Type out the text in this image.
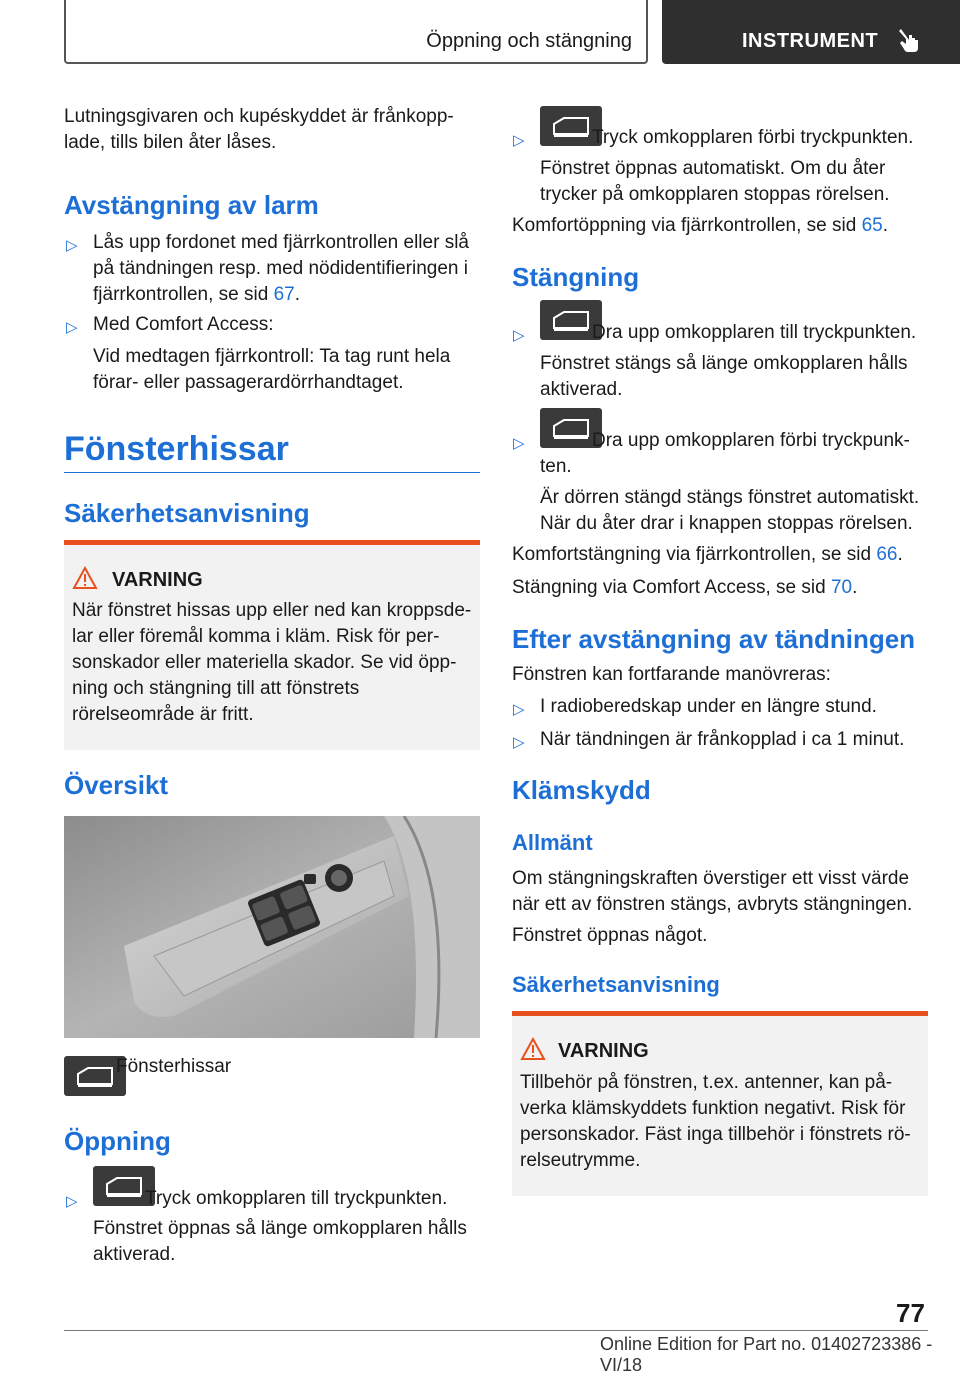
Öppning och stängning	INSTRUMENT

Lutningsgivaren och kupéskyddet är frånkopp-

lade, tills bilen åter låses.

Avstängning av larm
▷ Lås upp fordonet med fjärrkontrollen eller slå

på tändningen resp. med nödidentifieringen i

fjärrkontrollen, se sid 67.

▷ Med Comfort Access:

Vid medtagen fjärrkontroll: Ta tag runt hela

förar- eller passagerardörrhandtaget.

Fönsterhissar
Säkerhetsanvisning
VARNING

När fönstret hissas upp eller ned kan kroppsde-

lar eller föremål komma i kläm. Risk för per-

sonskador eller materiella skador. Se vid öpp-

ning och stängning till att fönstrets

rörelseområde är fritt.

Översikt
Fönsterhissar
Öppning
▷	Tryck omkopplaren till tryckpunkten.

Fönstret öppnas så länge omkopplaren hålls

aktiverad.

▷	Tryck omkopplaren förbi tryckpunkten.

Fönstret öppnas automatiskt. Om du åter

trycker på omkopplaren stoppas rörelsen.

Komfortöppning via fjärrkontrollen, se sid 65.

Stängning
▷	Dra upp omkopplaren till tryckpunkten.

Fönstret stängs så länge omkopplaren hålls

aktiverad.

▷	Dra upp omkopplaren förbi tryckpunk-

ten.

Är dörren stängd stängs fönstret automatiskt.

När du åter drar i knappen stoppas rörelsen.

Komfortstängning via fjärrkontrollen, se sid 66.

Stängning via Comfort Access, se sid 70.

Efter avstängning av tändningen

Fönstren kan fortfarande manövreras:

▷ I radioberedskap under en längre stund.

▷ När tändningen är frånkopplad i ca 1 minut.

Klämskydd
Allmänt

Om stängningskraften överstiger ett visst värde

när ett av fönstren stängs, avbryts stängningen.

Fönstret öppnas något.

Säkerhetsanvisning
VARNING

Tillbehör på fönstren, t.ex. antenner, kan på-

verka klämskyddets funktion negativt. Risk för

personskador. Fäst inga tillbehör i fönstrets rö-

relseutrymme.

77
Online Edition for Part no. 01402723386 - VI/18
